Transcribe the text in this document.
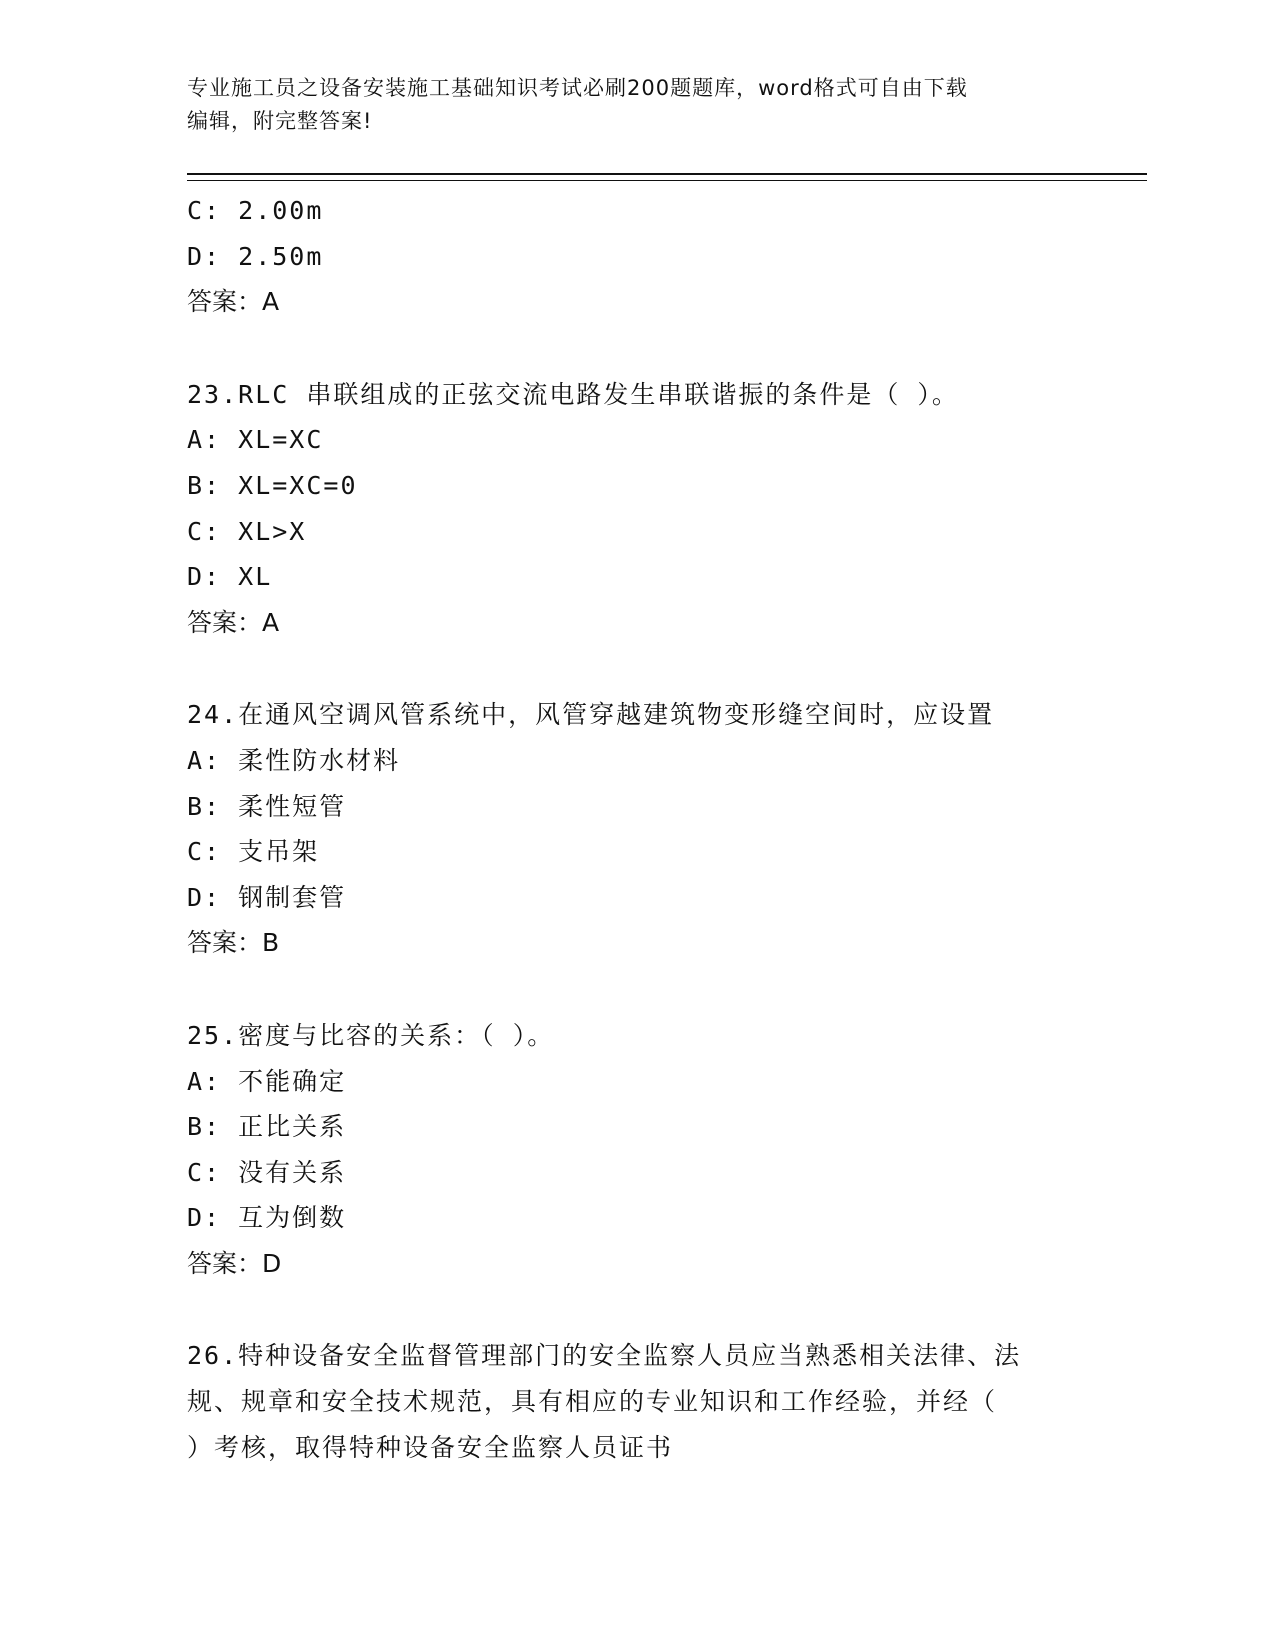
专业施工员之设备安装施工基础知识考试必刷200题题库，word格式可自由下载
编辑，附完整答案!
C: 2.00m
D: 2.50m
答案：A
23.RLC 串联组成的正弦交流电路发生串联谐振的条件是（ ）。
A: XL=XC
B: XL=XC=0
C: XL>X
D: XL
答案：A
24.在通风空调风管系统中，风管穿越建筑物变形缝空间时，应设置
A: 柔性防水材料
B: 柔性短管
C: 支吊架
D: 钢制套管
答案：B
25.密度与比容的关系：（ ）。
A: 不能确定
B: 正比关系
C: 没有关系
D: 互为倒数
答案：D
26.特种设备安全监督管理部门的安全监察人员应当熟悉相关法律、法
规、规章和安全技术规范，具有相应的专业知识和工作经验，并经（
）考核，取得特种设备安全监察人员证书
